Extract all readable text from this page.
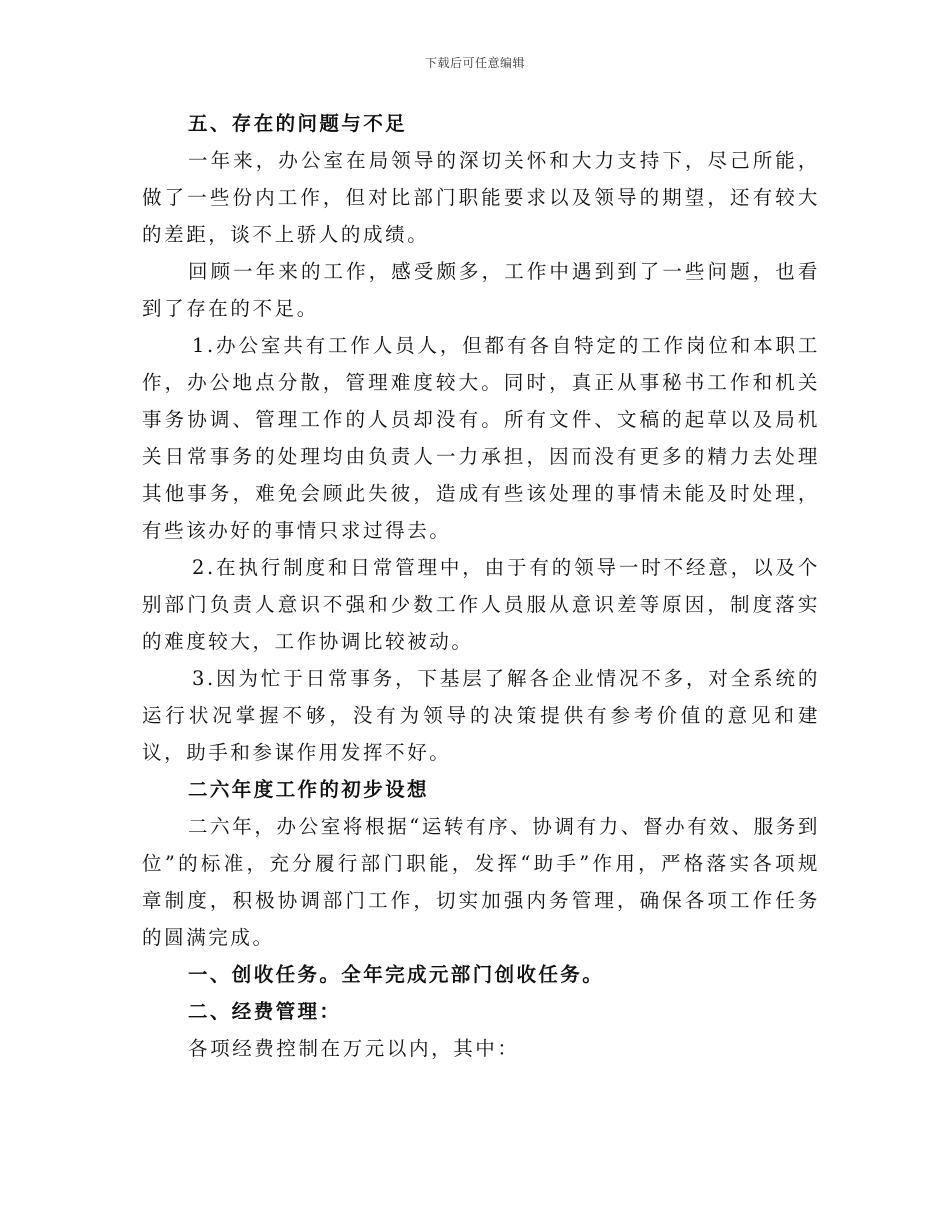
下载后可任意编辑

五、存在的问题与不足

一年来，办公室在局领导的深切关怀和大力支持下，尽己所能，做了一些份内工作，但对比部门职能要求以及领导的期望，还有较大的差距，谈不上骄人的成绩。

回顾一年来的工作，感受颇多，工作中遇到到了一些问题，也看到了存在的不足。

1.办公室共有工作人员人，但都有各自特定的工作岗位和本职工作，办公地点分散，管理难度较大。同时，真正从事秘书工作和机关事务协调、管理工作的人员却没有。所有文件、文稿的起草以及局机关日常事务的处理均由负责人一力承担，因而没有更多的精力去处理其他事务，难免会顾此失彼，造成有些该处理的事情未能及时处理，有些该办好的事情只求过得去。

2.在执行制度和日常管理中，由于有的领导一时不经意，以及个别部门负责人意识不强和少数工作人员服从意识差等原因，制度落实的难度较大，工作协调比较被动。

3.因为忙于日常事务，下基层了解各企业情况不多，对全系统的运行状况掌握不够，没有为领导的决策提供有参考价值的意见和建议，助手和参谋作用发挥不好。

二六年度工作的初步设想

二六年，办公室将根据“运转有序、协调有力、督办有效、服务到位”的标准，充分履行部门职能，发挥“助手”作用，严格落实各项规章制度，积极协调部门工作，切实加强内务管理，确保各项工作任务的圆满完成。

一、创收任务。全年完成元部门创收任务。

二、经费管理：

各项经费控制在万元以内，其中：
